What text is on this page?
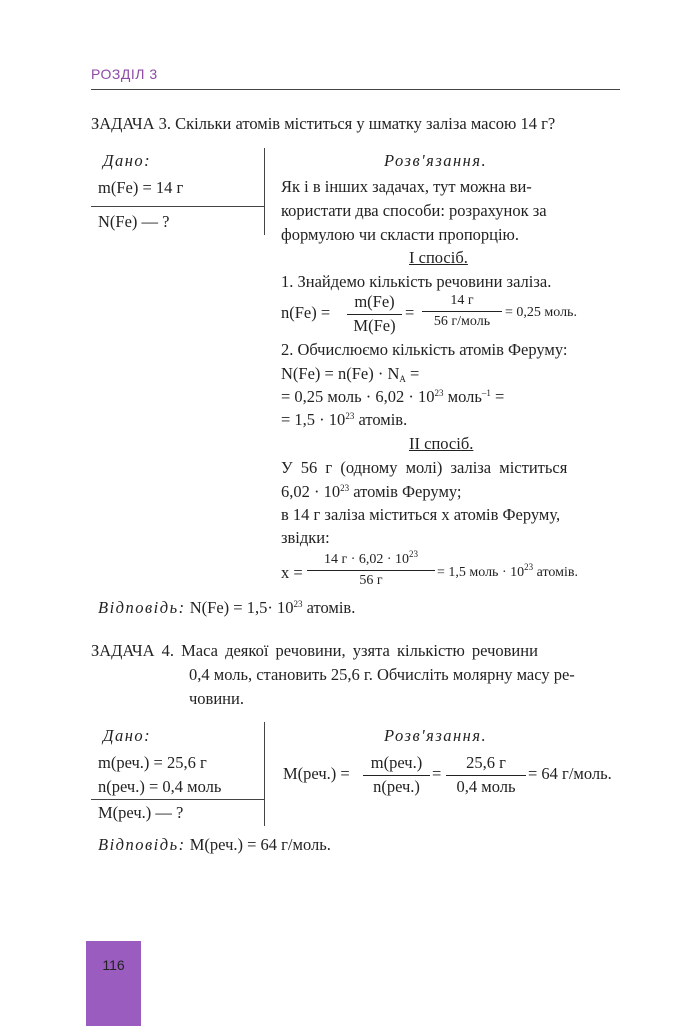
РОЗДІЛ 3
ЗАДАЧА 3. Скільки атомів міститься у шматку заліза масою 14 г?
Дано:
m(Fe) = 14 г
N(Fe) — ?
Розв'язання.
Як і в інших задачах, тут можна ви-
користати два способи: розрахунок за
формулою чи скласти пропорцію.
І спосіб.
1. Знайдемо кількість речовини заліза.
n(Fe) =
m(Fe)
M(Fe)
=
14 г
56 г/моль
= 0,25 моль.
2. Обчислюємо кількість атомів Феруму:
$N(Fe) = n(Fe) \cdot N_A$ =
= 0,25 моль · $6,02 \cdot 10^{23}$ моль$^{-1}$ =
= $1,5 \cdot 10^{23}$ атомів.
ІІ спосіб.
У 56 г (одному молі) заліза міститься
$6,02 \cdot 10^{23}$ атомів Феруму;
в 14 г заліза міститься x атомів Феруму,
звідки:
x =
14 $г \cdot 6,02 \cdot 10^{23}$
56 г
= 1,5 моль · $10^{23}$ атомів.
Відповідь: $N(Fe) = 1,5\cdot 10^{23}$ атомів.
ЗАДАЧА 4. Маса деякої речовини, узята кількістю речовини
0,4 моль, становить 25,6 г. Обчисліть молярну масу ре-
човини.
Дано:
m(реч.) = 25,6 г
n(реч.) = 0,4 моль
M(реч.) — ?
Розв'язання.
M(реч.) =
m(реч.)
n(реч.)
=
25,6 г
0,4 моль
= 64 г/моль.
Відповідь: M(реч.) = 64 г/моль.
116
